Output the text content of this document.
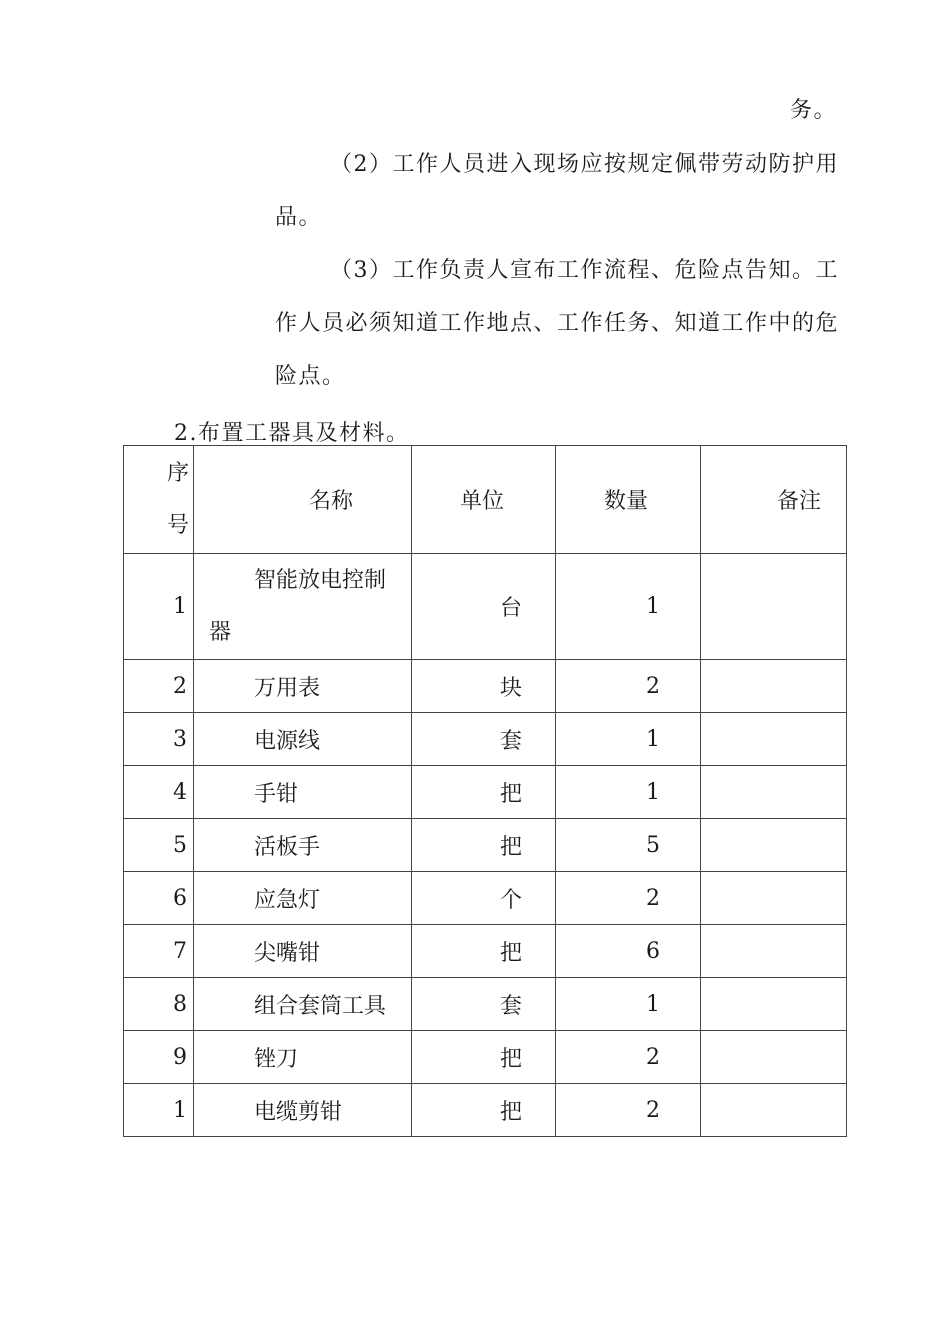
务。
（2）工作人员进入现场应按规定佩带劳动防护用
品。
（3）工作负责人宣布工作流程、危险点告知。工
作人员必须知道工作地点、工作任务、知道工作中的危
险点。
2.布置工器具及材料。
序
号	名称	单位	数量	备注
1	智能放电控制
器	台	1	
2	万用表	块	2	
3	电源线	套	1	
4	手钳	把	1	
5	活板手	把	5	
6	应急灯	个	2	
7	尖嘴钳	把	6	
8	组合套筒工具	套	1	
9	锉刀	把	2	
1	电缆剪钳	把	2	
